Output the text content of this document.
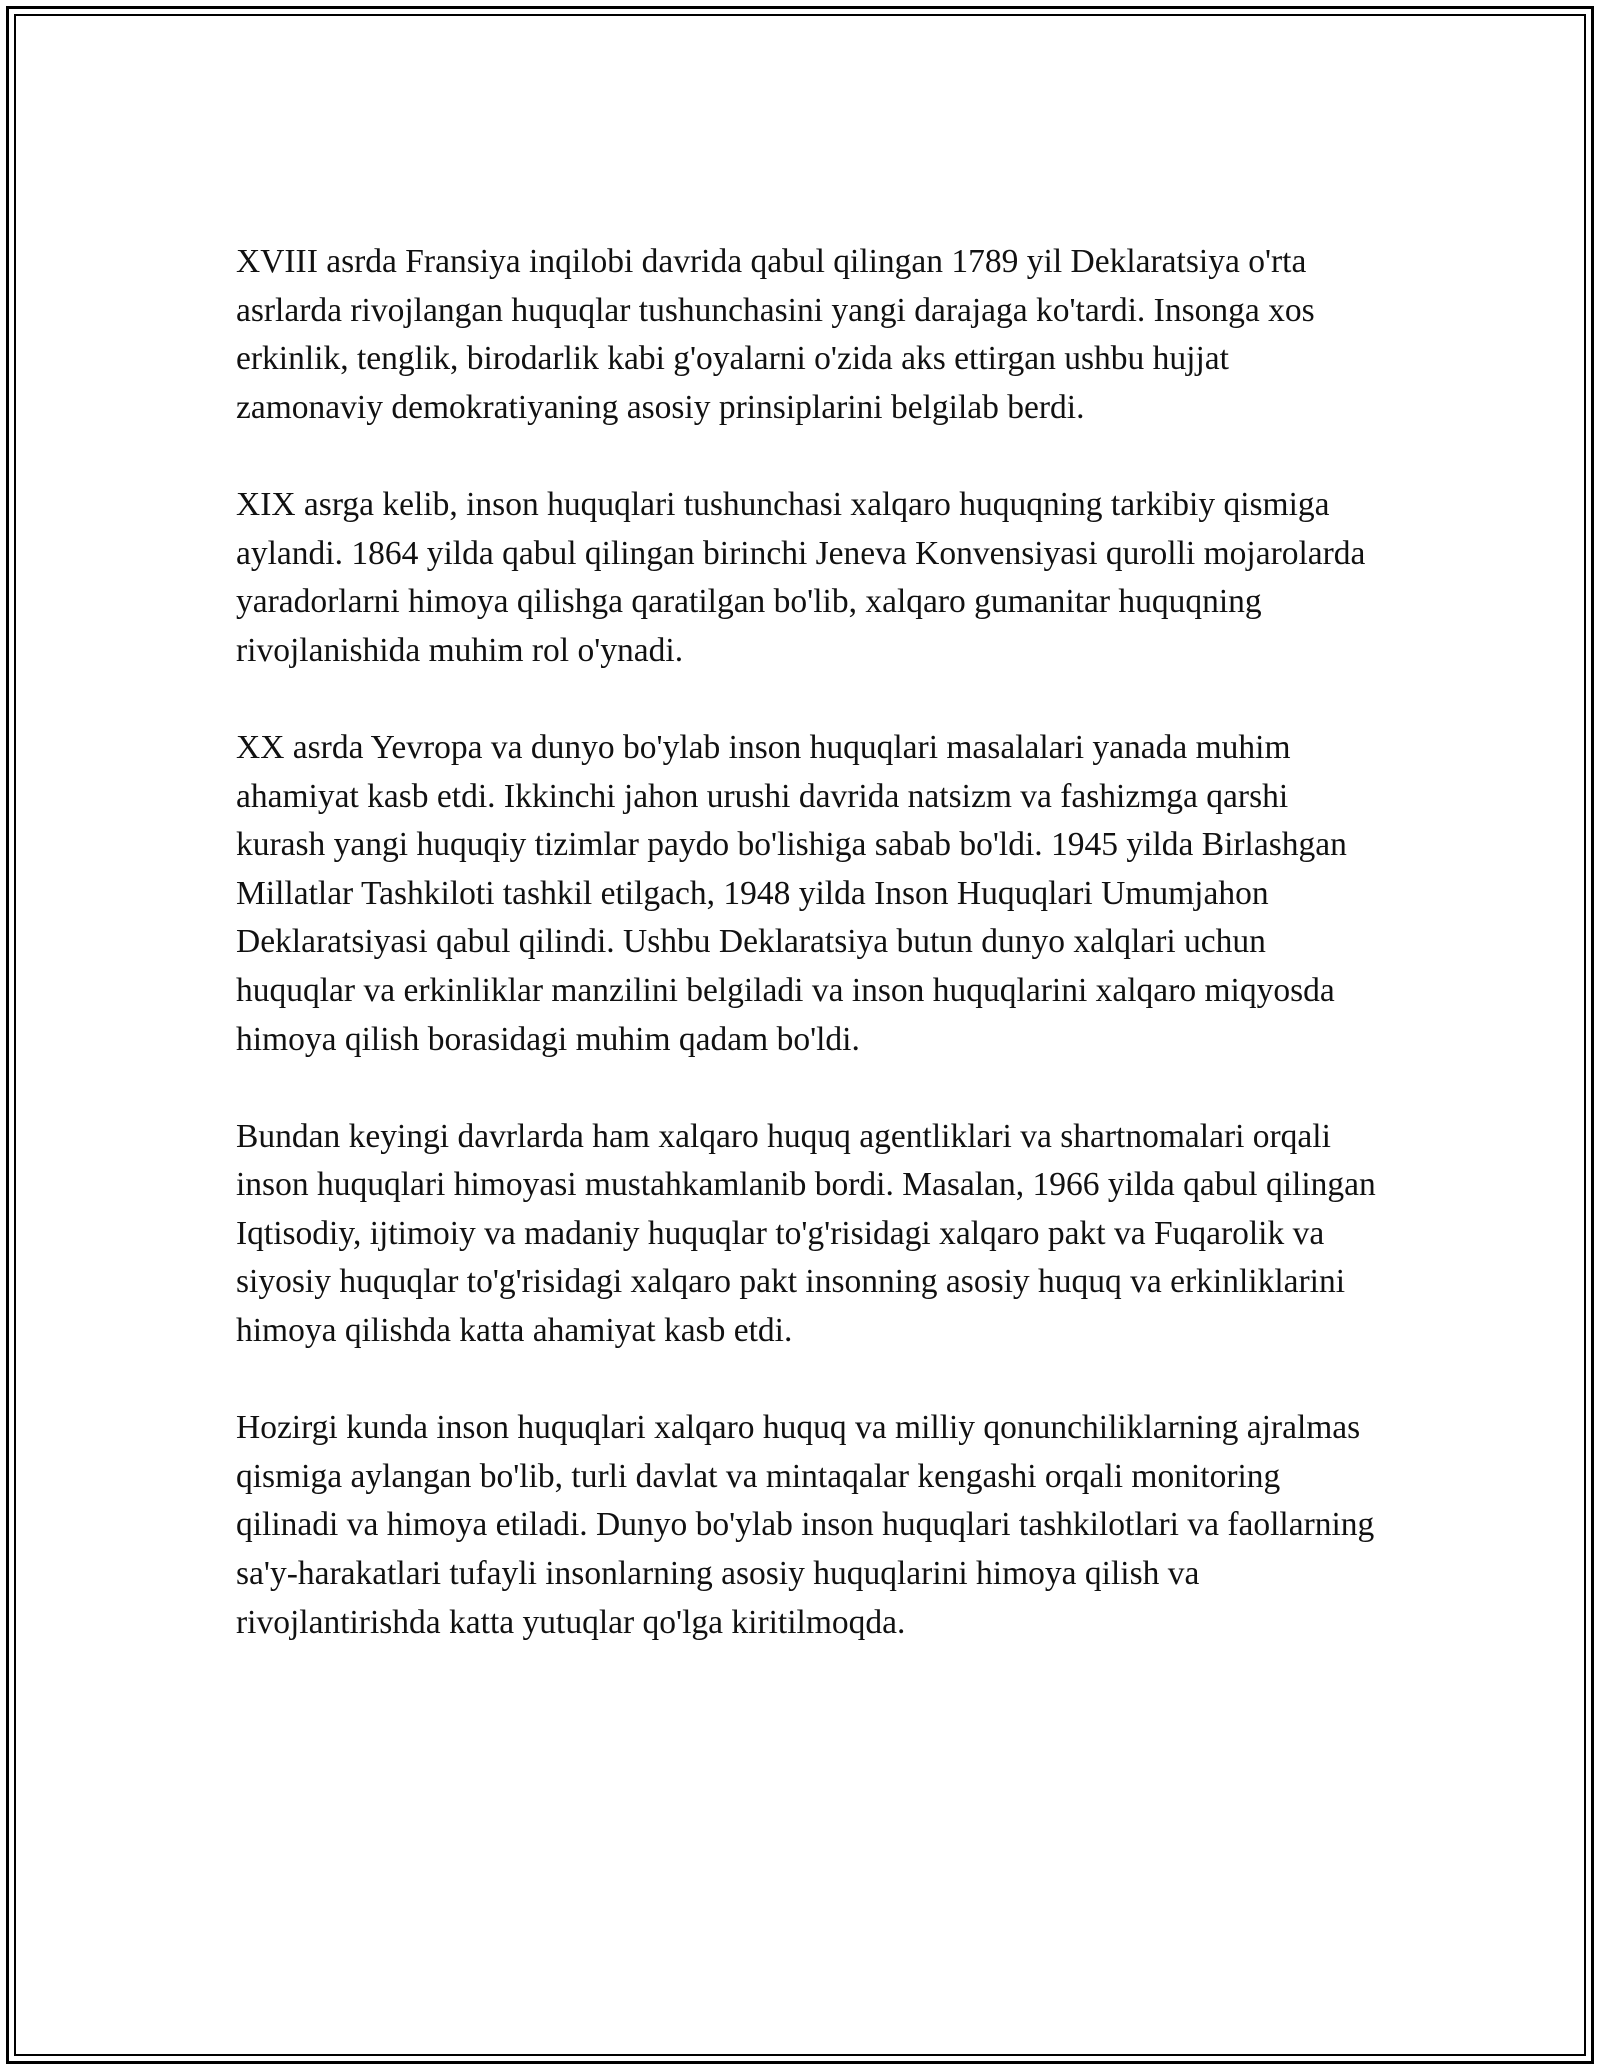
XVIII asrda Fransiya inqilobi davrida qabul qilingan 1789 yil Deklaratsiya o'rta asrlarda rivojlangan huquqlar tushunchasini yangi darajaga ko'tardi. Insonga xos erkinlik, tenglik, birodarlik kabi g'oyalarni o'zida aks ettirgan ushbu hujjat zamonaviy demokratiyaning asosiy prinsiplarini belgilab berdi.

XIX asrga kelib, inson huquqlari tushunchasi xalqaro huquqning tarkibiy qismiga aylandi. 1864 yilda qabul qilingan birinchi Jeneva Konvensiyasi qurolli mojarolarda yaradorlarni himoya qilishga qaratilgan bo'lib, xalqaro gumanitar huquqning rivojlanishida muhim rol o'ynadi.

XX asrda Yevropa va dunyo bo'ylab inson huquqlari masalalari yanada muhim ahamiyat kasb etdi. Ikkinchi jahon urushi davrida natsizm va fashizmga qarshi kurash yangi huquqiy tizimlar paydo bo'lishiga sabab bo'ldi. 1945 yilda Birlashgan Millatlar Tashkiloti tashkil etilgach, 1948 yilda Inson Huquqlari Umumjahon Deklaratsiyasi qabul qilindi. Ushbu Deklaratsiya butun dunyo xalqlari uchun huquqlar va erkinliklar manzilini belgiladi va inson huquqlarini xalqaro miqyosda himoya qilish borasidagi muhim qadam bo'ldi.

Bundan keyingi davrlarda ham xalqaro huquq agentliklari va shartnomalari orqali inson huquqlari himoyasi mustahkamlanib bordi. Masalan, 1966 yilda qabul qilingan Iqtisodiy, ijtimoiy va madaniy huquqlar to'g'risidagi xalqaro pakt va Fuqarolik va siyosiy huquqlar to'g'risidagi xalqaro pakt insonning asosiy huquq va erkinliklarini himoya qilishda katta ahamiyat kasb etdi.

Hozirgi kunda inson huquqlari xalqaro huquq va milliy qonunchiliklarning ajralmas qismiga aylangan bo'lib, turli davlat va mintaqalar kengashi orqali monitoring qilinadi va himoya etiladi. Dunyo bo'ylab inson huquqlari tashkilotlari va faollarning sa'y-harakatlari tufayli insonlarning asosiy huquqlarini himoya qilish va rivojlantirishda katta yutuqlar qo'lga kiritilmoqda.
